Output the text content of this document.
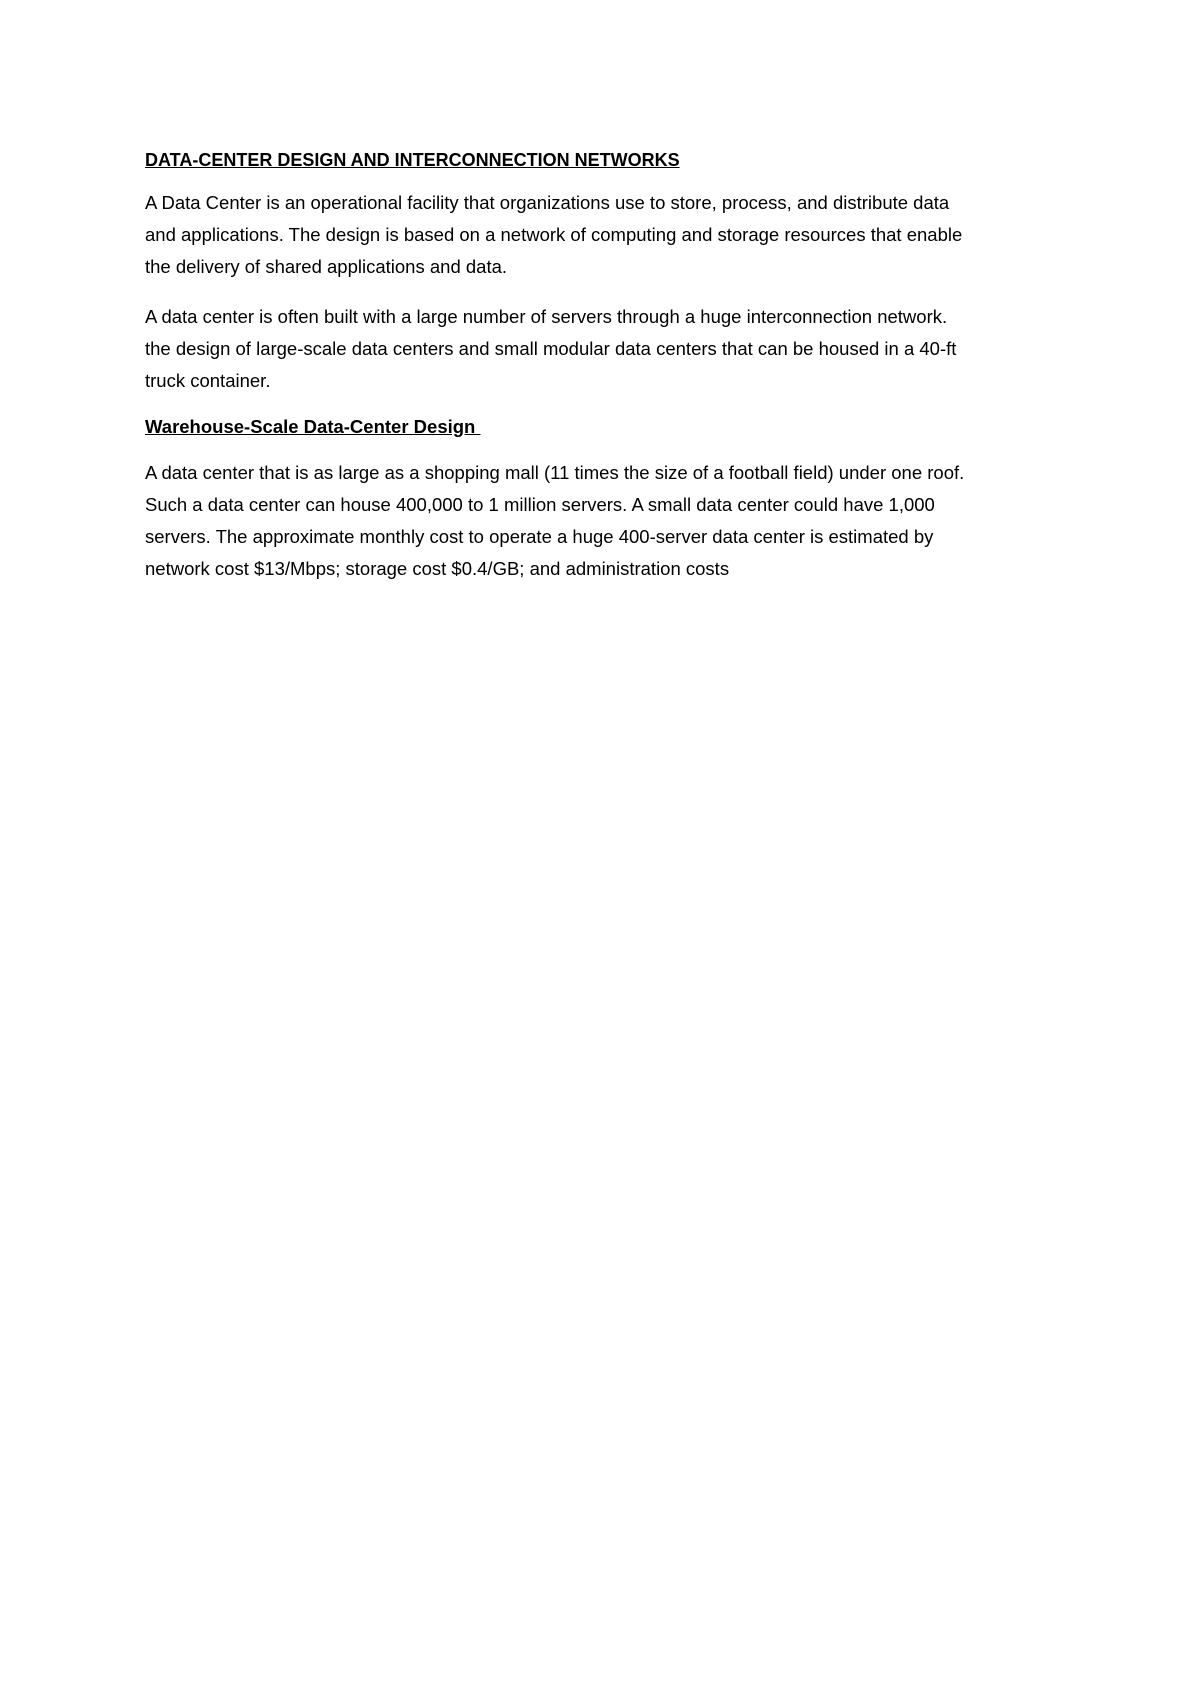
DATA-CENTER DESIGN AND INTERCONNECTION NETWORKS
A Data Center is an operational facility that organizations use to store, process, and distribute data
and applications. The design is based on a network of computing and storage resources that enable
the delivery of shared applications and data.
A data center is often built with a large number of servers through a huge interconnection network.
the design of large-scale data centers and small modular data centers that can be housed in a 40-ft
truck container.
Warehouse-Scale Data-Center Design
A data center that is as large as a shopping mall (11 times the size of a football field) under one roof.
Such a data center can house 400,000 to 1 million servers. A small data center could have 1,000
servers. The approximate monthly cost to operate a huge 400-server data center is estimated by
network cost $13/Mbps; storage cost $0.4/GB; and administration costs
